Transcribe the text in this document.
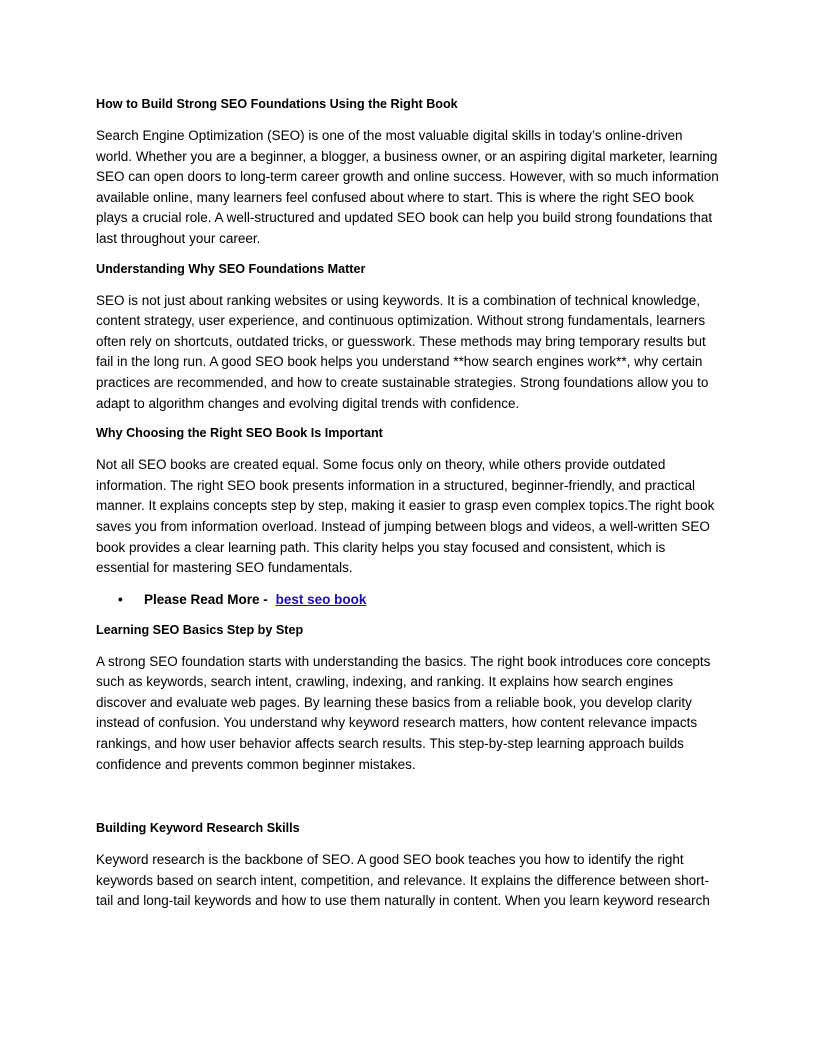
How to Build Strong SEO Foundations Using the Right Book

Search Engine Optimization (SEO) is one of the most valuable digital skills in today’s online-driven world. Whether you are a beginner, a blogger, a business owner, or an aspiring digital marketer, learning SEO can open doors to long-term career growth and online success. However, with so much information available online, many learners feel confused about where to start. This is where the right SEO book plays a crucial role. A well-structured and updated SEO book can help you build strong foundations that last throughout your career.

Understanding Why SEO Foundations Matter

SEO is not just about ranking websites or using keywords. It is a combination of technical knowledge, content strategy, user experience, and continuous optimization. Without strong fundamentals, learners often rely on shortcuts, outdated tricks, or guesswork. These methods may bring temporary results but fail in the long run. A good SEO book helps you understand **how search engines work**, why certain practices are recommended, and how to create sustainable strategies. Strong foundations allow you to adapt to algorithm changes and evolving digital trends with confidence.

Why Choosing the Right SEO Book Is Important

Not all SEO books are created equal. Some focus only on theory, while others provide outdated information. The right SEO book presents information in a structured, beginner-friendly, and practical manner. It explains concepts step by step, making it easier to grasp even complex topics.The right book saves you from information overload. Instead of jumping between blogs and videos, a well-written SEO book provides a clear learning path. This clarity helps you stay focused and consistent, which is essential for mastering SEO fundamentals.

• Please Read More - best seo book
Learning SEO Basics Step by Step

A strong SEO foundation starts with understanding the basics. The right book introduces core concepts such as keywords, search intent, crawling, indexing, and ranking. It explains how search engines discover and evaluate web pages. By learning these basics from a reliable book, you develop clarity instead of confusion. You understand why keyword research matters, how content relevance impacts rankings, and how user behavior affects search results. This step-by-step learning approach builds confidence and prevents common beginner mistakes.

Building Keyword Research Skills

Keyword research is the backbone of SEO. A good SEO book teaches you how to identify the right keywords based on search intent, competition, and relevance. It explains the difference between short-tail and long-tail keywords and how to use them naturally in content. When you learn keyword research
